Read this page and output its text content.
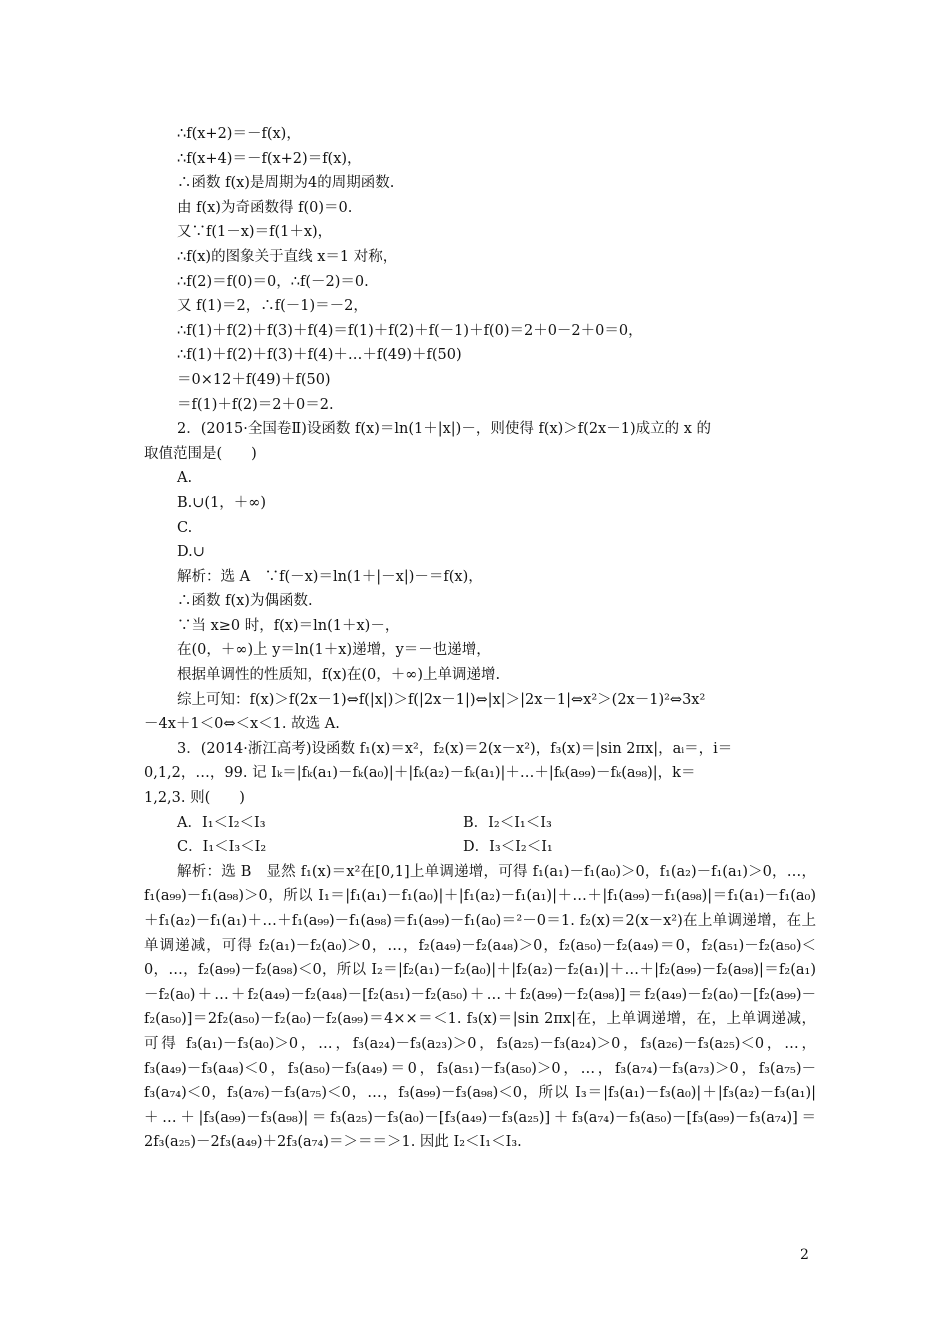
∴f(x+2)＝－f(x)，
∴f(x+4)＝－f(x+2)＝f(x)，
∴函数 f(x)是周期为4的周期函数.
由 f(x)为奇函数得 f(0)＝0.
又∵f(1－x)＝f(1＋x)，
∴f(x)的图象关于直线 x＝1 对称，
∴f(2)＝f(0)＝0，∴f(－2)＝0.
又 f(1)＝2，∴f(－1)＝－2，
∴f(1)＋f(2)＋f(3)＋f(4)＝f(1)＋f(2)＋f(－1)＋f(0)＝2＋0－2＋0＝0，
∴f(1)＋f(2)＋f(3)＋f(4)＋…＋f(49)＋f(50)
＝0×12＋f(49)＋f(50)
＝f(1)＋f(2)＝2＋0＝2.
2．(2015·全国卷Ⅱ)设函数 f(x)＝ln(1＋|x|)－，则使得 f(x)＞f(2x－1)成立的 x 的
取值范围是(　　)
A.
B.∪(1，＋∞)
C.
D.∪
解析：选 A　∵f(－x)＝ln(1＋|－x|)－＝f(x)，
∴函数 f(x)为偶函数.
∵当 x≥0 时，f(x)＝ln(1＋x)－，
在(0，＋∞)上 y＝ln(1＋x)递增，y＝－也递增，
根据单调性的性质知，f(x)在(0，＋∞)上单调递增.
综上可知：f(x)＞f(2x－1)⇔f(|x|)＞f(|2x－1|)⇔|x|＞|2x－1|⇔x²＞(2x－1)²⇔3x²
－4x＋1＜0⇔＜x＜1. 故选 A.
3．(2014·浙江高考)设函数 f₁(x)＝x²，f₂(x)＝2(x－x²)，f₃(x)＝|sin 2πx|，aᵢ＝，i＝
0,1,2，…，99. 记 Iₖ＝|fₖ(a₁)－fₖ(a₀)|＋|fₖ(a₂)－fₖ(a₁)|＋…＋|fₖ(a₉₉)－fₖ(a₉₈)|，k＝
1,2,3. 则(　　)
A．I₁＜I₂＜I₃	B．I₂＜I₁＜I₃
C．I₁＜I₃＜I₂	D．I₃＜I₂＜I₁
解析：选 B　显然 f₁(x)＝x²在[0,1]上单调递增，可得 f₁(a₁)－f₁(a₀)＞0，f₁(a₂)－f₁(a₁)＞0，…，f₁(a₉₉)－f₁(a₉₈)＞0，所以 I₁＝|f₁(a₁)－f₁(a₀)|＋|f₁(a₂)－f₁(a₁)|＋…＋|f₁(a₉₉)－f₁(a₉₈)|＝f₁(a₁)－f₁(a₀)＋f₁(a₂)－f₁(a₁)＋…＋f₁(a₉₉)－f₁(a₉₈)＝f₁(a₉₉)－f₁(a₀)＝²－0＝1. f₂(x)＝2(x－x²)在上单调递增，在上单调递减，可得 f₂(a₁)－f₂(a₀)＞0，…，f₂(a₄₉)－f₂(a₄₈)＞0，f₂(a₅₀)－f₂(a₄₉)＝0，f₂(a₅₁)－f₂(a₅₀)＜0，…，f₂(a₉₉)－f₂(a₉₈)＜0，所以 I₂＝|f₂(a₁)－f₂(a₀)|＋|f₂(a₂)－f₂(a₁)|＋…＋|f₂(a₉₉)－f₂(a₉₈)|＝f₂(a₁)－f₂(a₀)＋…＋f₂(a₄₉)－f₂(a₄₈)－[f₂(a₅₁)－f₂(a₅₀)＋…＋f₂(a₉₉)－f₂(a₉₈)]＝f₂(a₄₉)－f₂(a₀)－[f₂(a₉₉)－f₂(a₅₀)]＝2f₂(a₅₀)－f₂(a₀)－f₂(a₉₉)＝4××＝＜1. f₃(x)＝|sin 2πx|在，上单调递增，在，上单调递减，可得 f₃(a₁)－f₃(a₀)＞0，…，f₃(a₂₄)－f₃(a₂₃)＞0，f₃(a₂₅)－f₃(a₂₄)＞0，f₃(a₂₆)－f₃(a₂₅)＜0，…，f₃(a₄₉)－f₃(a₄₈)＜0，f₃(a₅₀)－f₃(a₄₉)＝0，f₃(a₅₁)－f₃(a₅₀)＞0，…，f₃(a₇₄)－f₃(a₇₃)＞0，f₃(a₇₅)－f₃(a₇₄)＜0，f₃(a₇₆)－f₃(a₇₅)＜0，…，f₃(a₉₉)－f₃(a₉₈)＜0，所以 I₃＝|f₃(a₁)－f₃(a₀)|＋|f₃(a₂)－f₃(a₁)|＋…＋|f₃(a₉₉)－f₃(a₉₈)|＝f₃(a₂₅)－f₃(a₀)－[f₃(a₄₉)－f₃(a₂₅)]＋f₃(a₇₄)－f₃(a₅₀)－[f₃(a₉₉)－f₃(a₇₄)]＝2f₃(a₂₅)－2f₃(a₄₉)＋2f₃(a₇₄)＝＞＝＝＞1. 因此 I₂＜I₁＜I₃.
2
